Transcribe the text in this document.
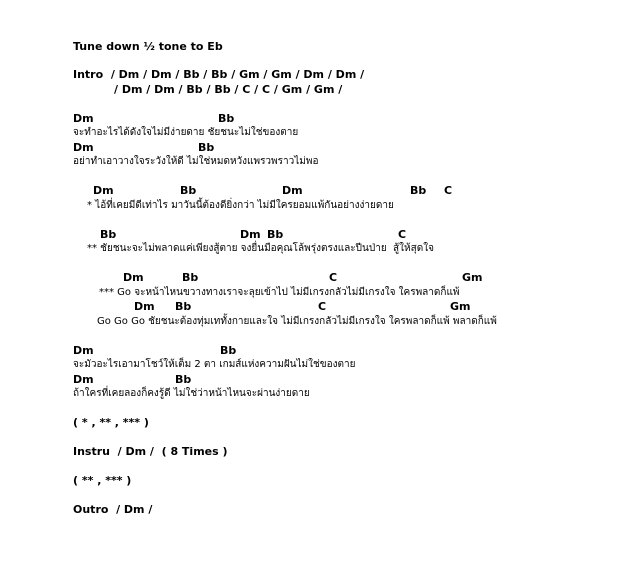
Tune down ½ tone to Eb
Intro  / Dm / Dm / Bb / Bb / Gm / Gm / Dm / Dm /
/ Dm / Dm / Bb / Bb / C / C / Gm / Gm /
Dm	Bb
จะทำอะไรได้ดังใจไม่มีง่ายดาย ชัยชนะไม่ใช่ของตาย
Dm	Bb
อย่าทำเอาวางใจระวังให้ดี ไม่ใช่หมดหวังแพรวพราวไม่พอ
Dm	Bb	Dm	Bb C
* ไอ้ที่เคยมีดีเท่าไร มาวันนี้ต้องดียิ่งกว่า ไม่มีใครยอมแพ้กันอย่างง่ายดาย
Bb	Dm Bb	C
** ชัยชนะจะไม่พลาดแค่เพียงสู้ตาย จงยื่นมือคุณโล้พรุ่งตรงและปีนป่าย  สู้ให้สุดใจ
Dm	Bb	C	Gm
*** Go จะหน้าไหนขวางทางเราจะลุยเข้าไป ไม่มีเกรงกลัวไม่มีเกรงใจ ใครพลาดก็แพ้
Dm Bb	C	Gm
Go Go Go ชัยชนะต้องทุ่มเททั้งกายและใจ ไม่มีเกรงกลัวไม่มีเกรงใจ ใครพลาดก็แพ้ พลาดก็แพ้
Dm	Bb
จะมัวอะไรเอามาโชว์ให้เต็ม 2 ตา เกมส์แห่งความฝันไม่ใช่ของตาย
Dm	Bb
ถ้าใครที่เคยลองก็คงรู้ดี ไม่ใช่ว่าหน้าไหนจะผ่านง่ายดาย
( * , ** , *** )
Instru  / Dm /  ( 8 Times )
( ** , *** )
Outro  / Dm /
